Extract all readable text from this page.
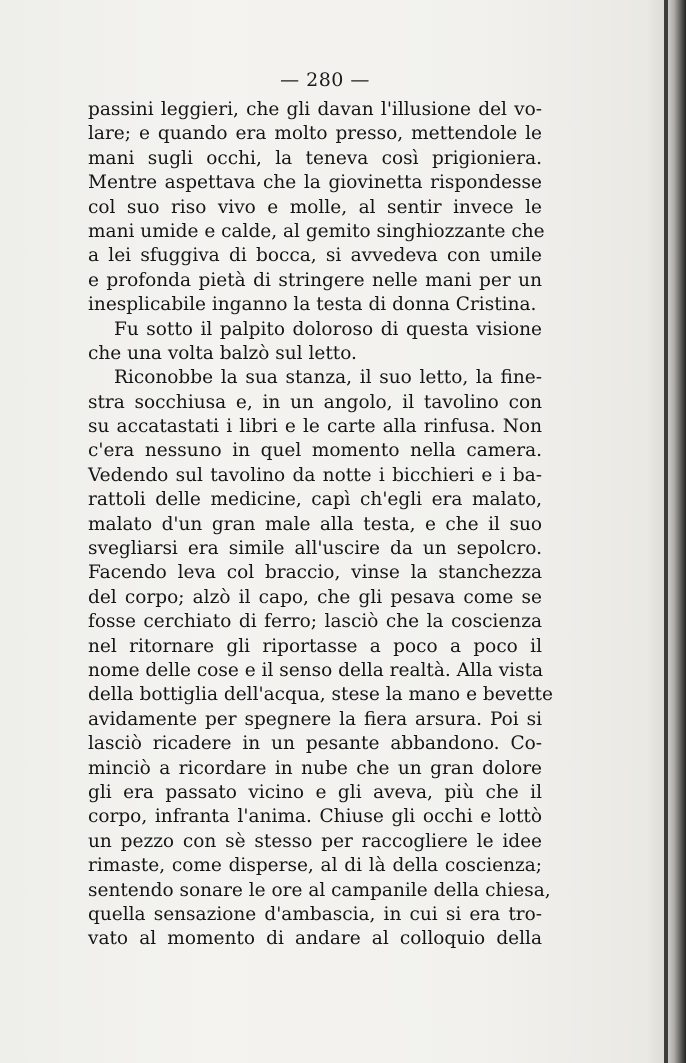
— 280 —
passini leggieri, che gli davan l'illusione del vo-
lare; e quando era molto presso, mettendole le
mani sugli occhi, la teneva così prigioniera.
Mentre aspettava che la giovinetta rispondesse
col suo riso vivo e molle, al sentir invece le
mani umide e calde, al gemito singhiozzante che
a lei sfuggiva di bocca, si avvedeva con umile
e profonda pietà di stringere nelle mani per un
inesplicabile inganno la testa di donna Cristina.
Fu sotto il palpito doloroso di questa visione
che una volta balzò sul letto.
Riconobbe la sua stanza, il suo letto, la fine-
stra socchiusa e, in un angolo, il tavolino con
su accatastati i libri e le carte alla rinfusa. Non
c'era nessuno in quel momento nella camera.
Vedendo sul tavolino da notte i bicchieri e i ba-
rattoli delle medicine, capì ch'egli era malato,
malato d'un gran male alla testa, e che il suo
svegliarsi era simile all'uscire da un sepolcro.
Facendo leva col braccio, vinse la stanchezza
del corpo; alzò il capo, che gli pesava come se
fosse cerchiato di ferro; lasciò che la coscienza
nel ritornare gli riportasse a poco a poco il
nome delle cose e il senso della realtà. Alla vista
della bottiglia dell'acqua, stese la mano e bevette
avidamente per spegnere la fiera arsura. Poi si
lasciò ricadere in un pesante abbandono. Co-
minciò a ricordare in nube che un gran dolore
gli era passato vicino e gli aveva, più che il
corpo, infranta l'anima. Chiuse gli occhi e lottò
un pezzo con sè stesso per raccogliere le idee
rimaste, come disperse, al di là della coscienza;
sentendo sonare le ore al campanile della chiesa,
quella sensazione d'ambascia, in cui si era tro-
vato al momento di andare al colloquio della
